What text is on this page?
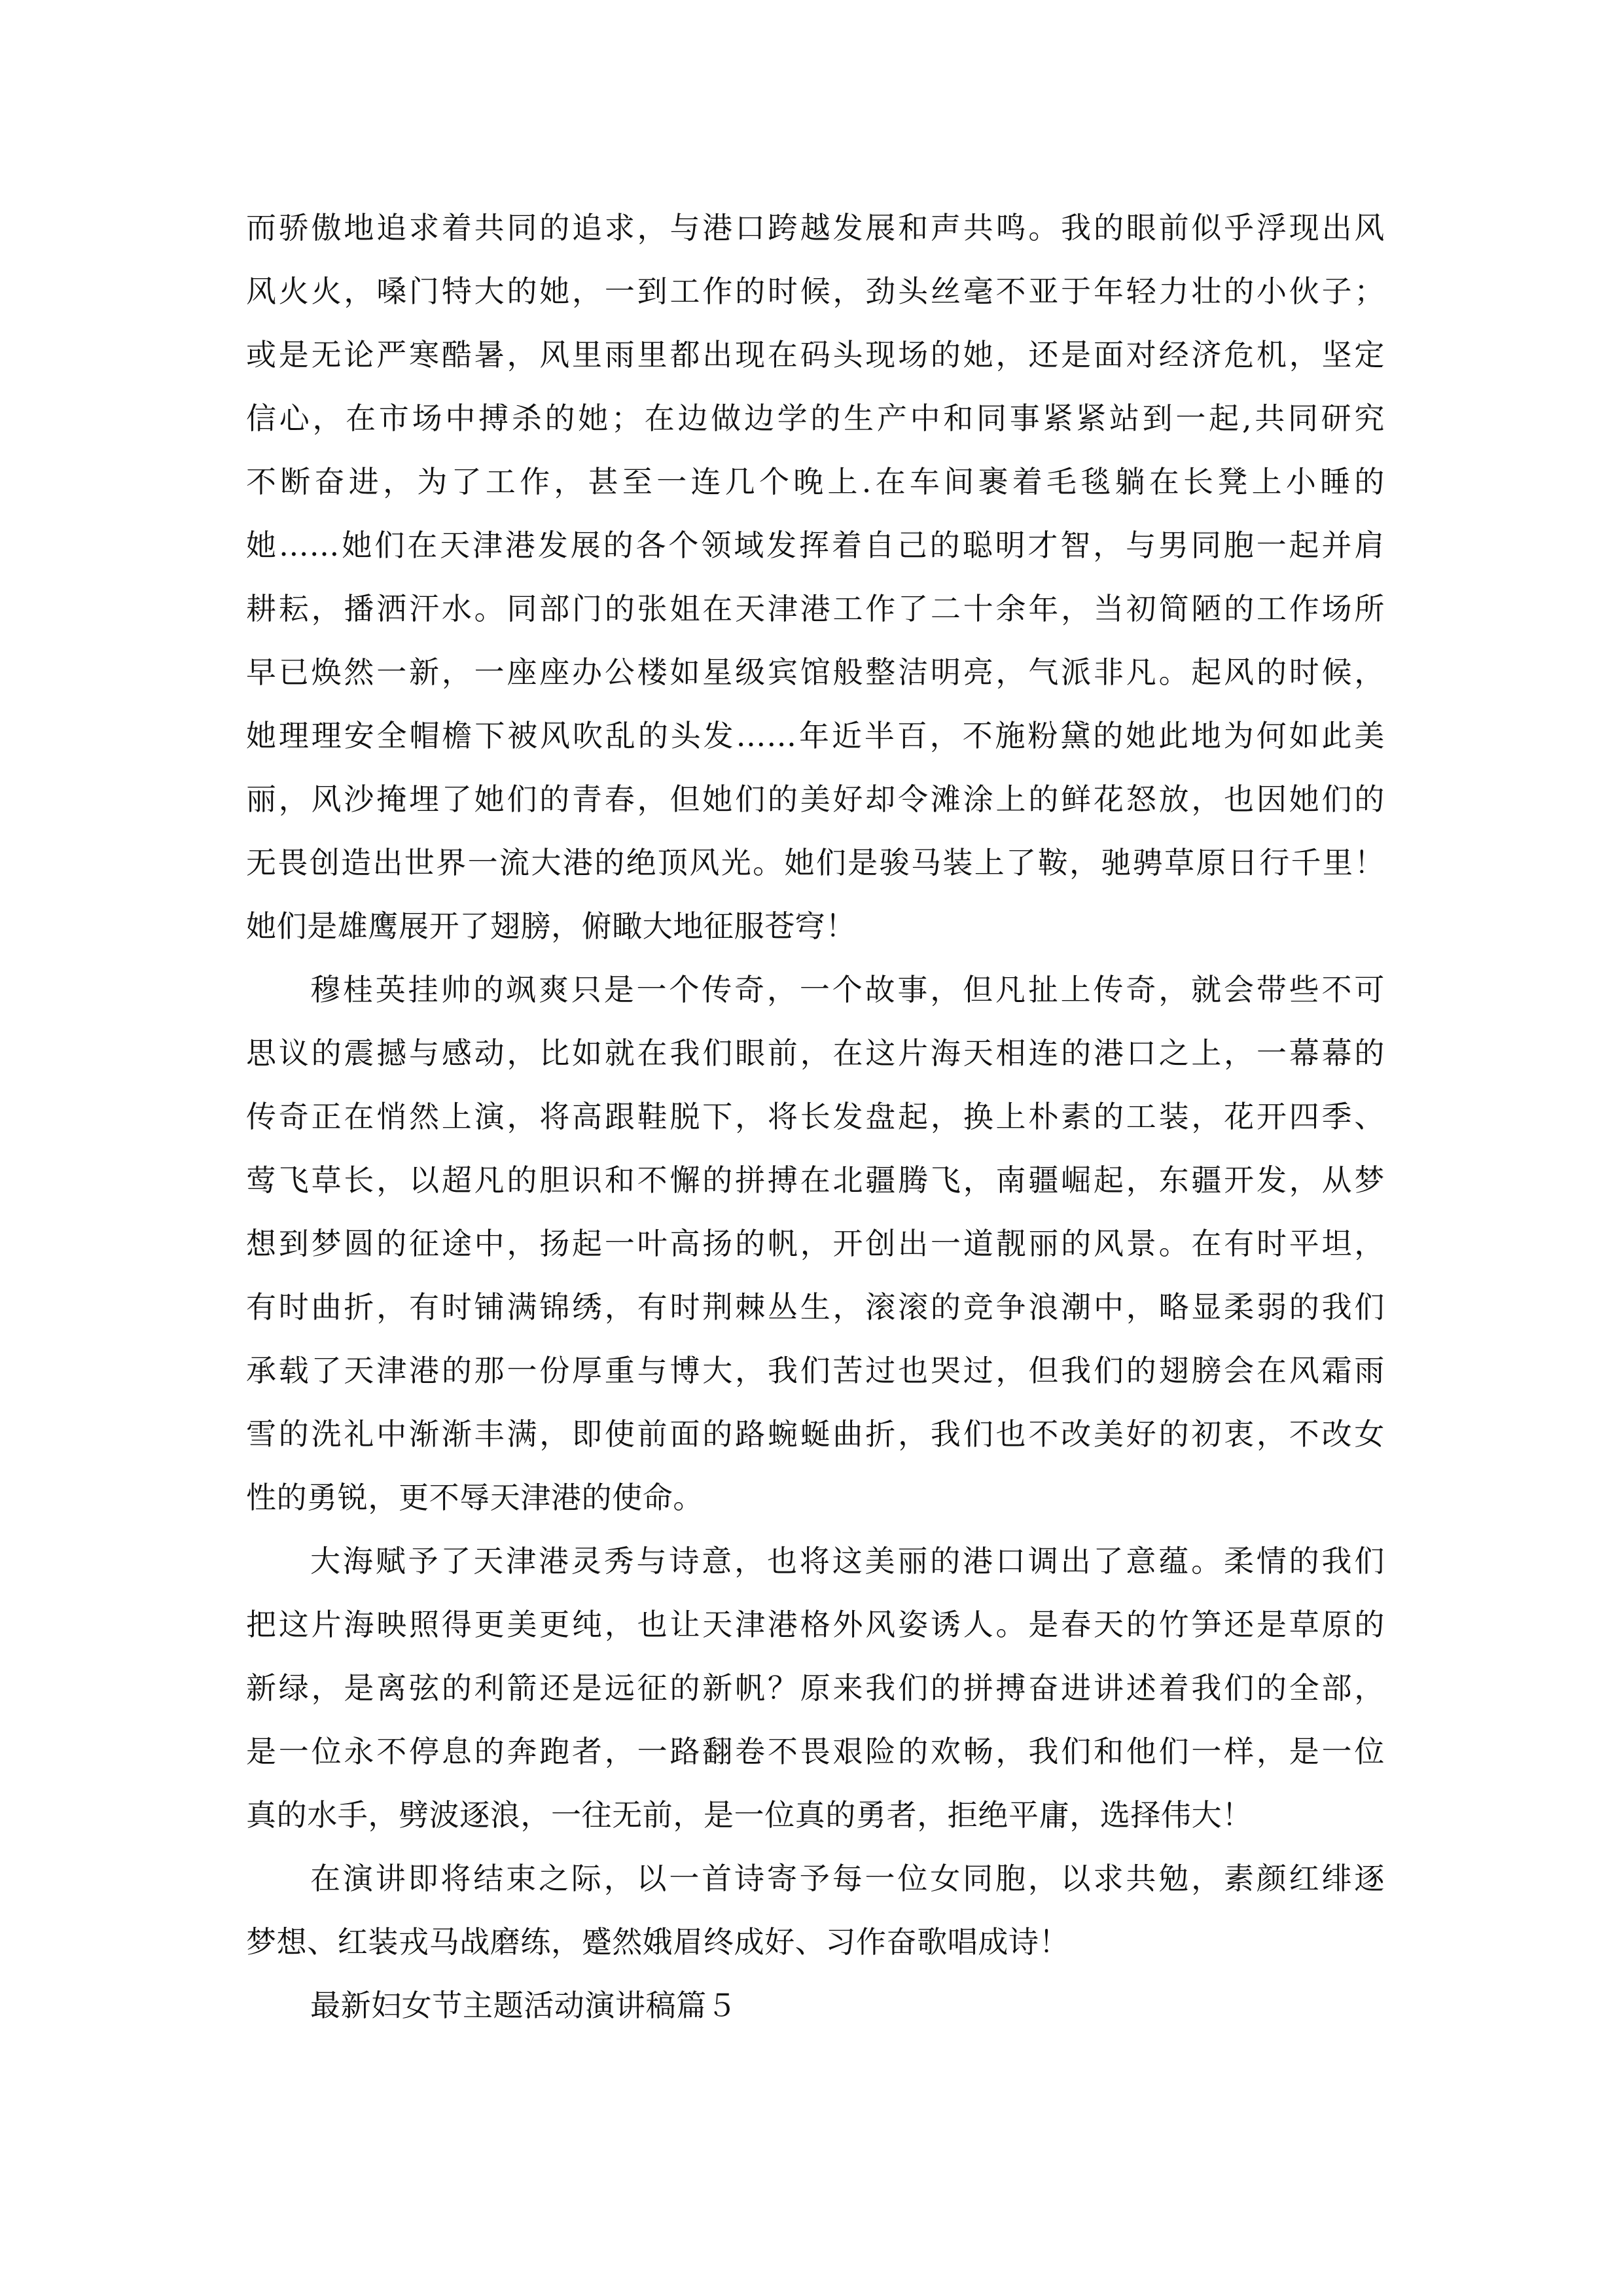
而骄傲地追求着共同的追求，与港口跨越发展和声共鸣。我的眼前似乎浮现出风
风火火，嗓门特大的她，一到工作的时候，劲头丝毫不亚于年轻力壮的小伙子；
或是无论严寒酷暑，风里雨里都出现在码头现场的她，还是面对经济危机，坚定
信心，在市场中搏杀的她；在边做边学的生产中和同事紧紧站到一起,共同研究
不断奋进，为了工作，甚至一连几个晚上.在车间裹着毛毯躺在长凳上小睡的
她……她们在天津港发展的各个领域发挥着自己的聪明才智，与男同胞一起并肩
耕耘，播洒汗水。同部门的张姐在天津港工作了二十余年，当初简陋的工作场所
早已焕然一新，一座座办公楼如星级宾馆般整洁明亮，气派非凡。起风的时候，
她理理安全帽檐下被风吹乱的头发……年近半百，不施粉黛的她此地为何如此美
丽，风沙掩埋了她们的青春，但她们的美好却令滩涂上的鲜花怒放，也因她们的
无畏创造出世界一流大港的绝顶风光。她们是骏马装上了鞍，驰骋草原日行千里！
她们是雄鹰展开了翅膀，俯瞰大地征服苍穹！
穆桂英挂帅的飒爽只是一个传奇，一个故事，但凡扯上传奇，就会带些不可
思议的震撼与感动，比如就在我们眼前，在这片海天相连的港口之上，一幕幕的
传奇正在悄然上演，将高跟鞋脱下，将长发盘起，换上朴素的工装，花开四季、
莺飞草长，以超凡的胆识和不懈的拼搏在北疆腾飞，南疆崛起，东疆开发，从梦
想到梦圆的征途中，扬起一叶高扬的帆，开创出一道靓丽的风景。在有时平坦，
有时曲折，有时铺满锦绣，有时荆棘丛生，滚滚的竞争浪潮中，略显柔弱的我们
承载了天津港的那一份厚重与博大，我们苦过也哭过，但我们的翅膀会在风霜雨
雪的洗礼中渐渐丰满，即使前面的路蜿蜒曲折，我们也不改美好的初衷，不改女
性的勇锐，更不辱天津港的使命。
大海赋予了天津港灵秀与诗意，也将这美丽的港口调出了意蕴。柔情的我们
把这片海映照得更美更纯，也让天津港格外风姿诱人。是春天的竹笋还是草原的
新绿，是离弦的利箭还是远征的新帆？原来我们的拼搏奋进讲述着我们的全部，
是一位永不停息的奔跑者，一路翻卷不畏艰险的欢畅，我们和他们一样，是一位
真的水手，劈波逐浪，一往无前，是一位真的勇者，拒绝平庸，选择伟大！
在演讲即将结束之际，以一首诗寄予每一位女同胞，以求共勉，素颜红绯逐
梦想、红装戎马战磨练，蹙然娥眉终成好、习作奋歌唱成诗！
最新妇女节主题活动演讲稿篇５
